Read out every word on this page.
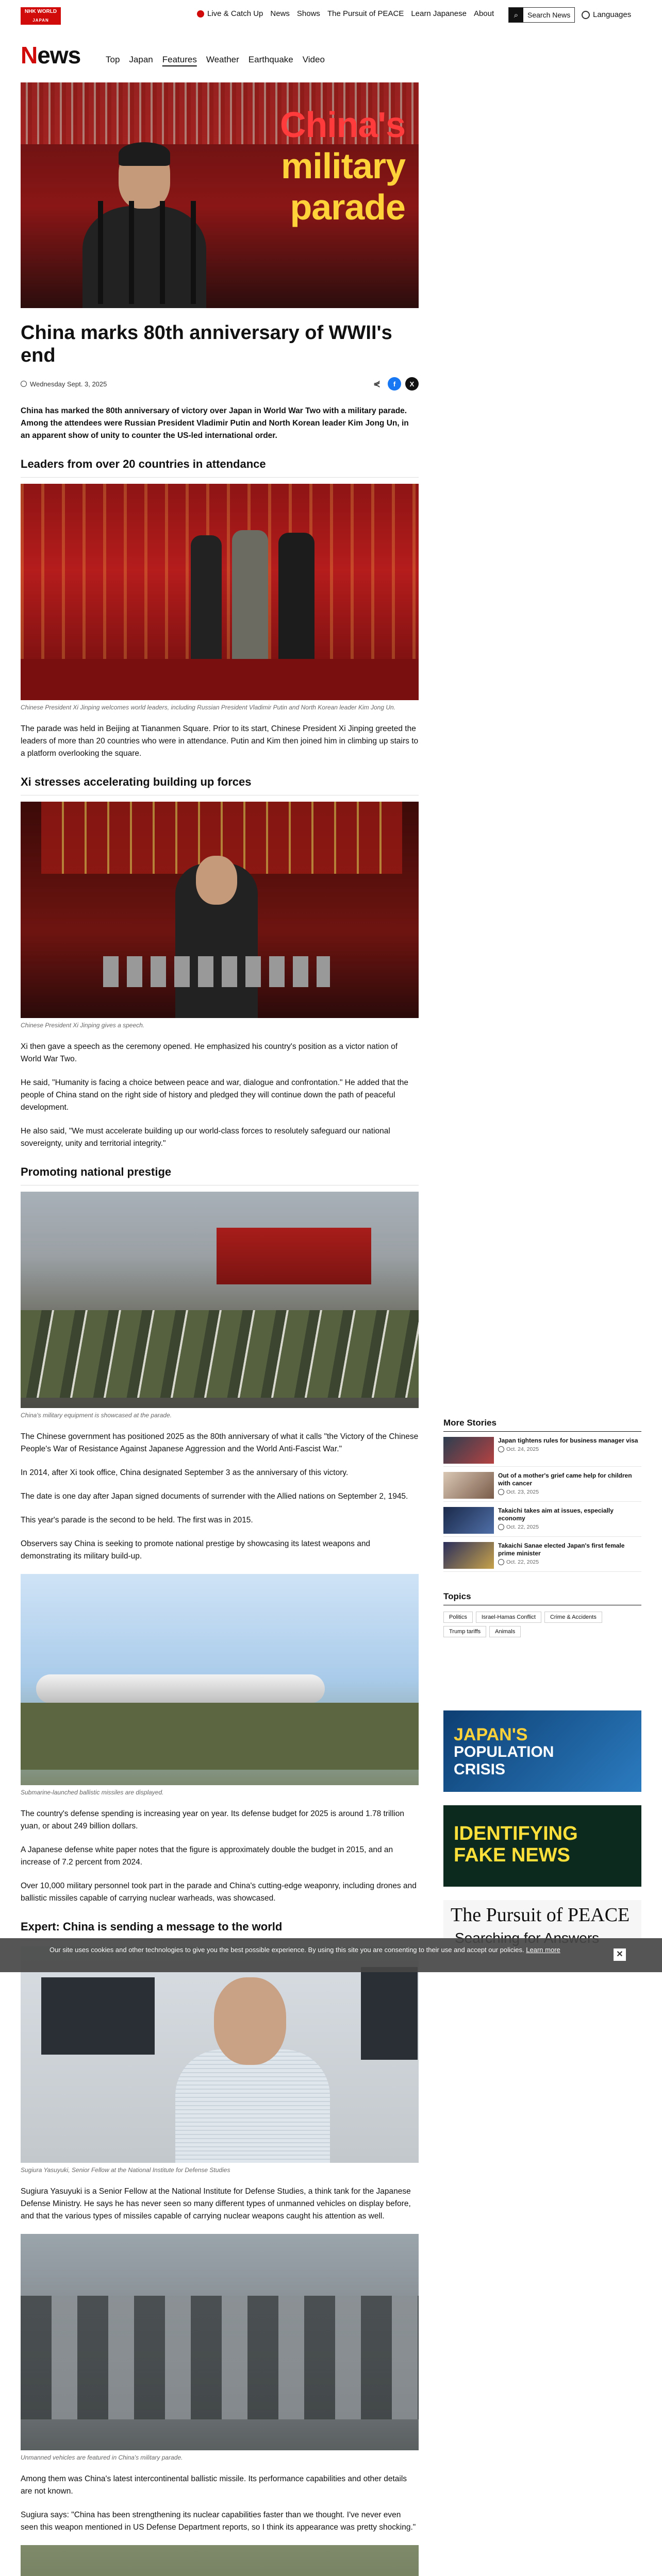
NHK WORLD
JAPAN
Live & Catch Up News Shows The Pursuit of PEACE Learn Japanese About	⌕	Search News	Languages
News	Top Japan Features Weather Earthquake Video
China's
military
parade
China marks 80th anniversary of WWII's end
Wednesday Sept. 3, 2025	⋞	f	X

China has marked the 80th anniversary of victory over Japan in World War Two with a military parade. Among the attendees were Russian President Vladimir Putin and North Korean leader Kim Jong Un, in an apparent show of unity to counter the US-led international order.

Leaders from over 20 countries in attendance

Chinese President Xi Jinping welcomes world leaders, including Russian President Vladimir Putin and North Korean leader Kim Jong Un.

The parade was held in Beijing at Tiananmen Square. Prior to its start, Chinese President Xi Jinping greeted the leaders of more than 20 countries who were in attendance. Putin and Kim then joined him in climbing up stairs to a platform overlooking the square.

Xi stresses accelerating building up forces

Chinese President Xi Jinping gives a speech.

Xi then gave a speech as the ceremony opened. He emphasized his country's position as a victor nation of World War Two.

He said, "Humanity is facing a choice between peace and war, dialogue and confrontation." He added that the people of China stand on the right side of history and pledged they will continue down the path of peaceful development.

He also said, "We must accelerate building up our world-class forces to resolutely safeguard our national sovereignty, unity and territorial integrity."

Promoting national prestige

China's military equipment is showcased at the parade.

The Chinese government has positioned 2025 as the 80th anniversary of what it calls "the Victory of the Chinese People's War of Resistance Against Japanese Aggression and the World Anti-Fascist War."

In 2014, after Xi took office, China designated September 3 as the anniversary of this victory.

The date is one day after Japan signed documents of surrender with the Allied nations on September 2, 1945.

This year's parade is the second to be held. The first was in 2015.

Observers say China is seeking to promote national prestige by showcasing its latest weapons and demonstrating its military build-up.

Submarine-launched ballistic missiles are displayed.

The country's defense spending is increasing year on year. Its defense budget for 2025 is around 1.78 trillion yuan, or about 249 billion dollars.

A Japanese defense white paper notes that the figure is approximately double the budget in 2015, and an increase of 7.2 percent from 2024.

Over 10,000 military personnel took part in the parade and China's cutting-edge weaponry, including drones and ballistic missiles capable of carrying nuclear warheads, was showcased.

Expert: China is sending a message to the world

Sugiura Yasuyuki, Senior Fellow at the National Institute for Defense Studies

Sugiura Yasuyuki is a Senior Fellow at the National Institute for Defense Studies, a think tank for the Japanese Defense Ministry. He says he has never seen so many different types of unmanned vehicles on display before, and that the various types of missiles capable of carrying nuclear weapons caught his attention as well.

Unmanned vehicles are featured in China's military parade.

Among them was China's latest intercontinental ballistic missile. Its performance capabilities and other details are not known.

Sugiura says: "China has been strengthening its nuclear capabilities faster than we thought. I've never even seen this weapon mentioned in US Defense Department reports, so I think its appearance was pretty shocking."

More Stories
Japan tightens rules for business manager visa
Oct. 24, 2025
Out of a mother's grief came help for children with cancer
Oct. 23, 2025
Takaichi takes aim at issues, especially economy
Oct. 22, 2025
Takaichi Sanae elected Japan's first female prime minister
Oct. 22, 2025
Topics
Politics	Israel-Hamas Conflict	Crime & Accidents
Trump tariffs	Animals
JAPAN'S
POPULATION
CRISIS
IDENTIFYING
FAKE NEWS
The Pursuit of PEACE
Our site uses cookies and other technologies to give you the best possible experience. By using this site you are consenting to their use and accept our policies. Learn more
✕
